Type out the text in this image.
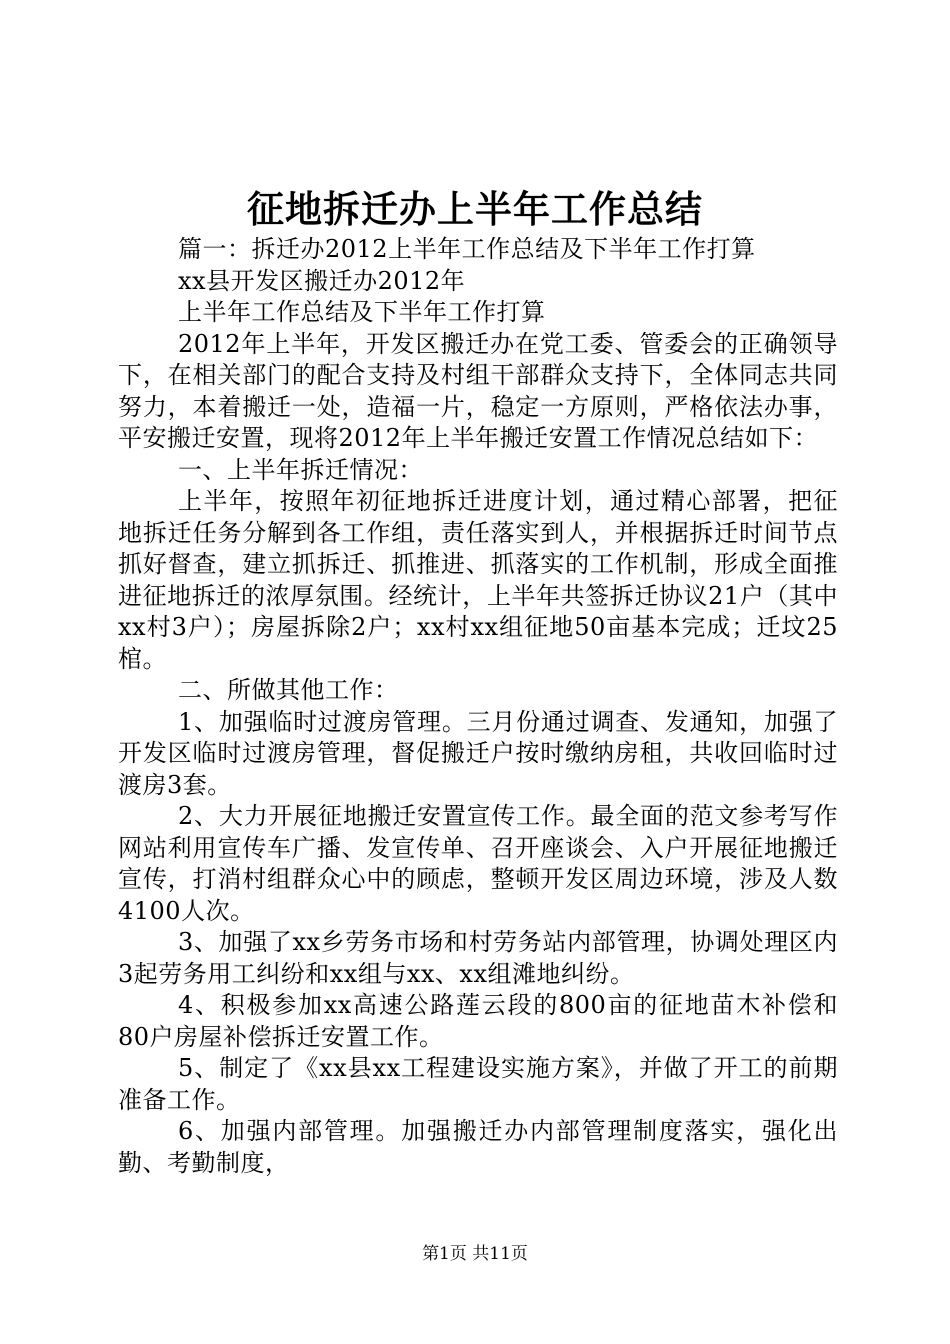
征地拆迁办上半年工作总结

篇一：拆迁办2012上半年工作总结及下半年工作打算

xx县开发区搬迁办2012年

上半年工作总结及下半年工作打算

2012年上半年，开发区搬迁办在党工委、管委会的正确领导下，在相关部门的配合支持及村组干部群众支持下，全体同志共同努力，本着搬迁一处，造福一片，稳定一方原则，严格依法办事，平安搬迁安置，现将2012年上半年搬迁安置工作情况总结如下：

一、上半年拆迁情况：

上半年，按照年初征地拆迁进度计划，通过精心部署，把征地拆迁任务分解到各工作组，责任落实到人，并根据拆迁时间节点抓好督查，建立抓拆迁、抓推进、抓落实的工作机制，形成全面推进征地拆迁的浓厚氛围。经统计，上半年共签拆迁协议21户（其中xx村3户）；房屋拆除2户；xx村xx组征地50亩基本完成；迁坟25棺。

二、所做其他工作：

1、加强临时过渡房管理。三月份通过调查、发通知，加强了开发区临时过渡房管理，督促搬迁户按时缴纳房租，共收回临时过渡房3套。

2、大力开展征地搬迁安置宣传工作。最全面的范文参考写作网站利用宣传车广播、发宣传单、召开座谈会、入户开展征地搬迁宣传，打消村组群众心中的顾虑，整顿开发区周边环境，涉及人数4100人次。

3、加强了xx乡劳务市场和村劳务站内部管理，协调处理区内3起劳务用工纠纷和xx组与xx、xx组滩地纠纷。

4、积极参加xx高速公路莲云段的800亩的征地苗木补偿和80户房屋补偿拆迁安置工作。

5、制定了《xx县xx工程建设实施方案》，并做了开工的前期准备工作。

6、加强内部管理。加强搬迁办内部管理制度落实，强化出勤、考勤制度，

第1页 共11页
